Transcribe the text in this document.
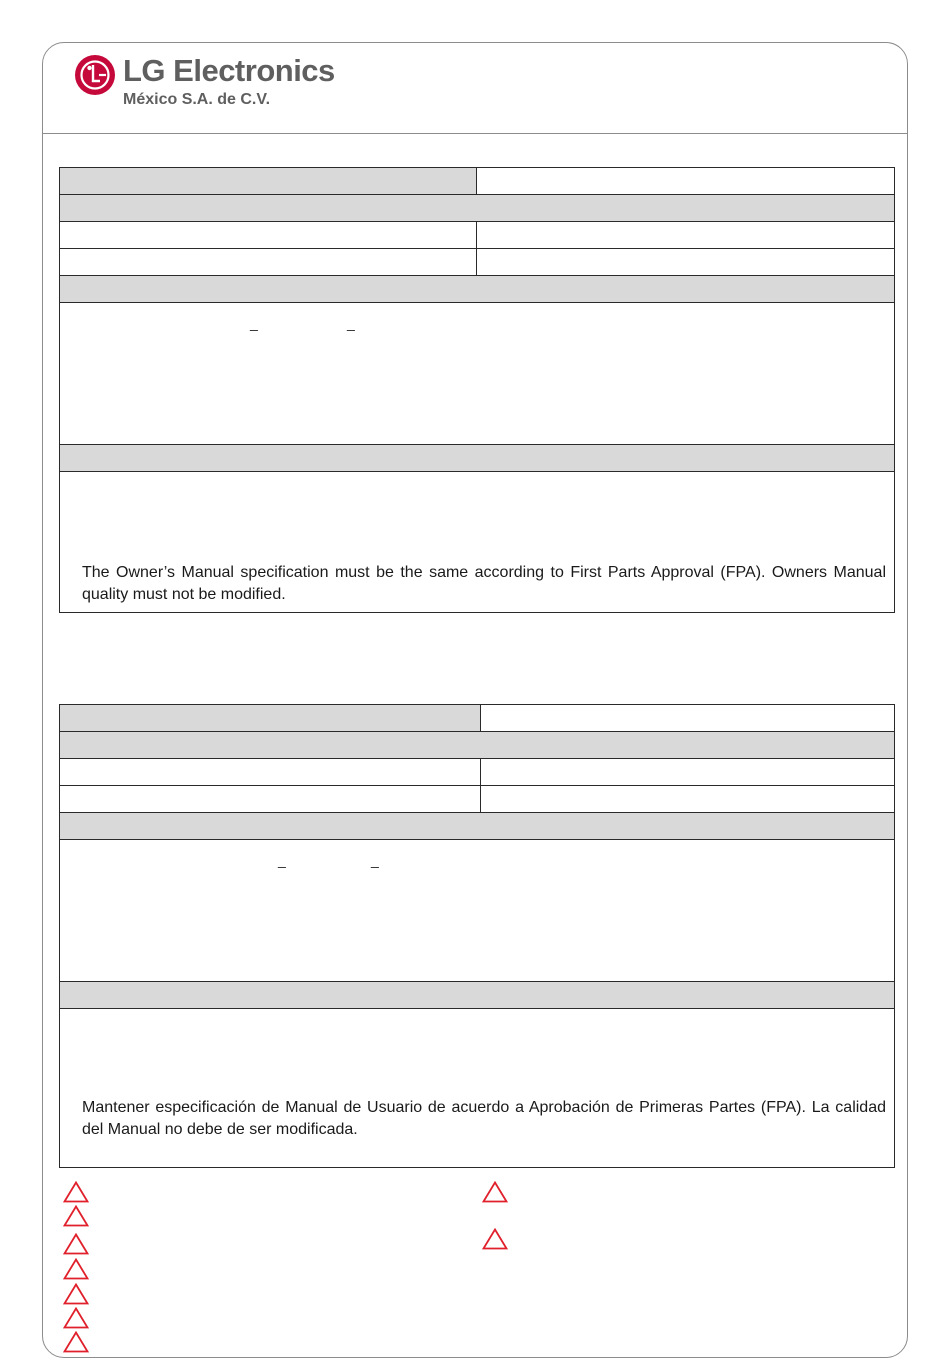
LG Electronics
México S.A. de C.V.

_ _	

The Owner’s Manual specification must be the same according to First Parts Approval (FPA). Owners Manual quality must not be modified.	

_ _	

Mantener especificación de Manual de Usuario de acuerdo a Aprobación de Primeras Partes (FPA). La calidad del Manual no debe de ser modificada.	
